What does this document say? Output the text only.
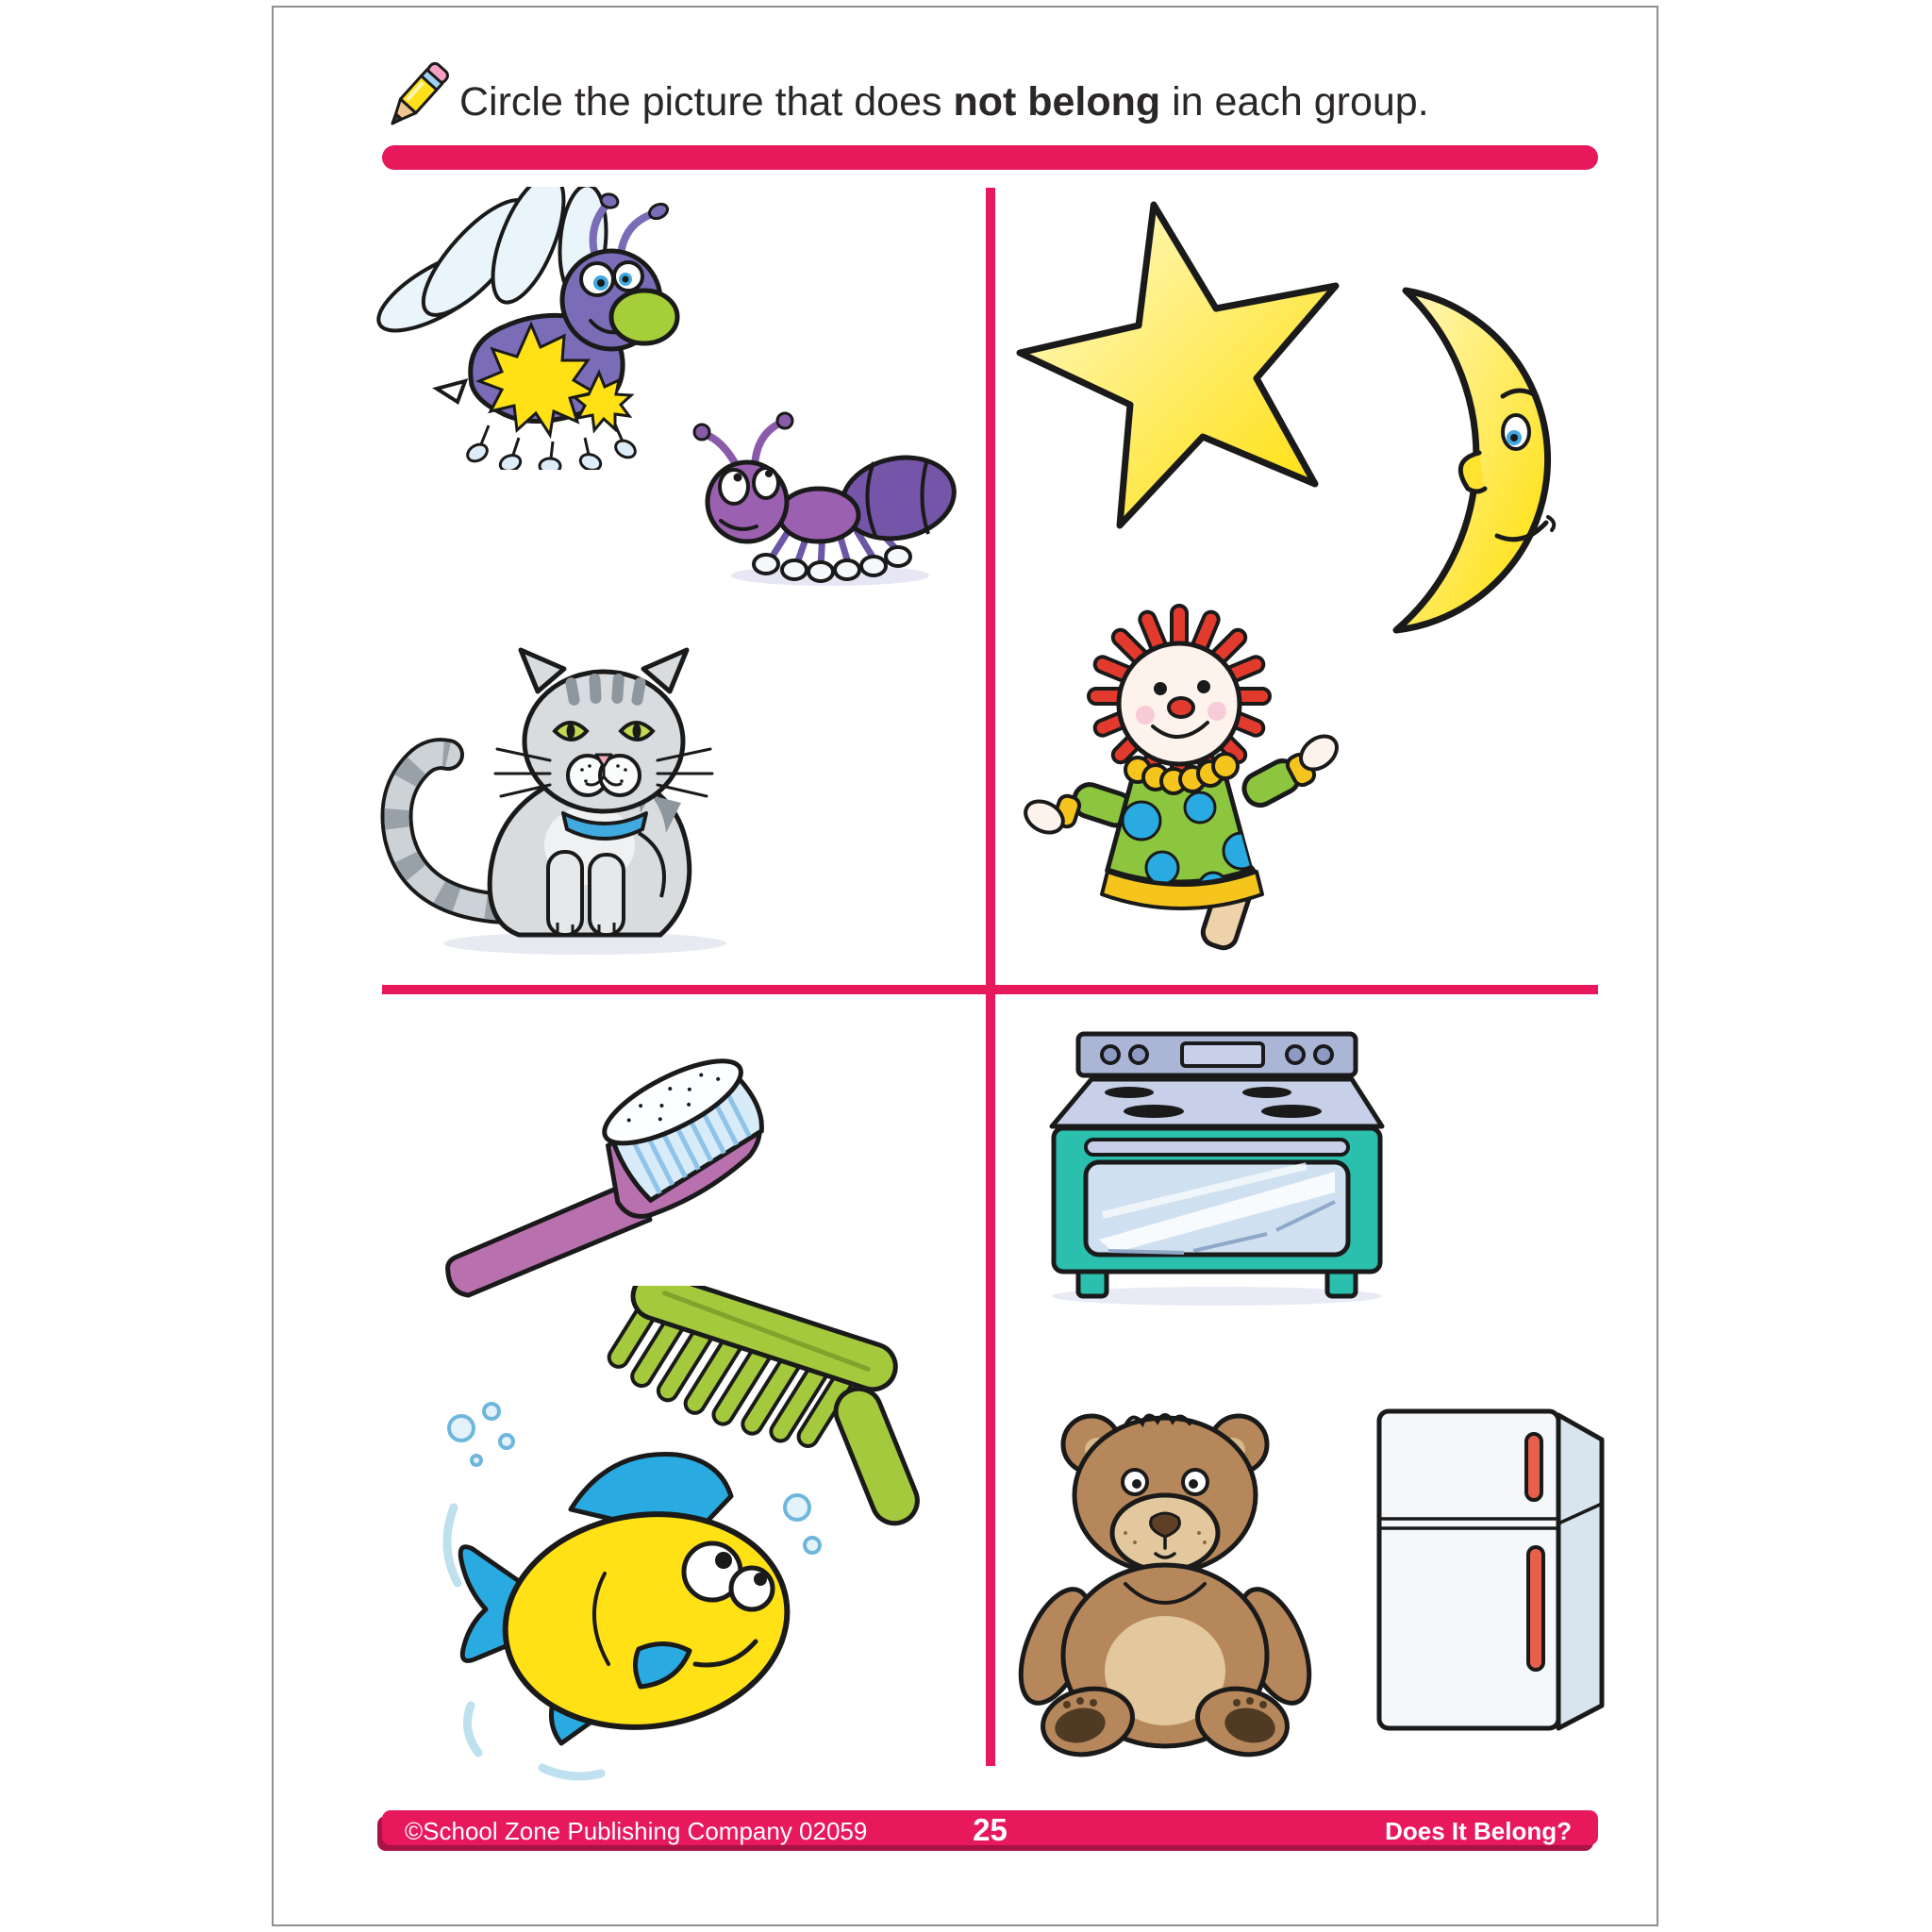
Circle the picture that does not belong in each group.
©School Zone Publishing Company 02059	25	Does It Belong?
